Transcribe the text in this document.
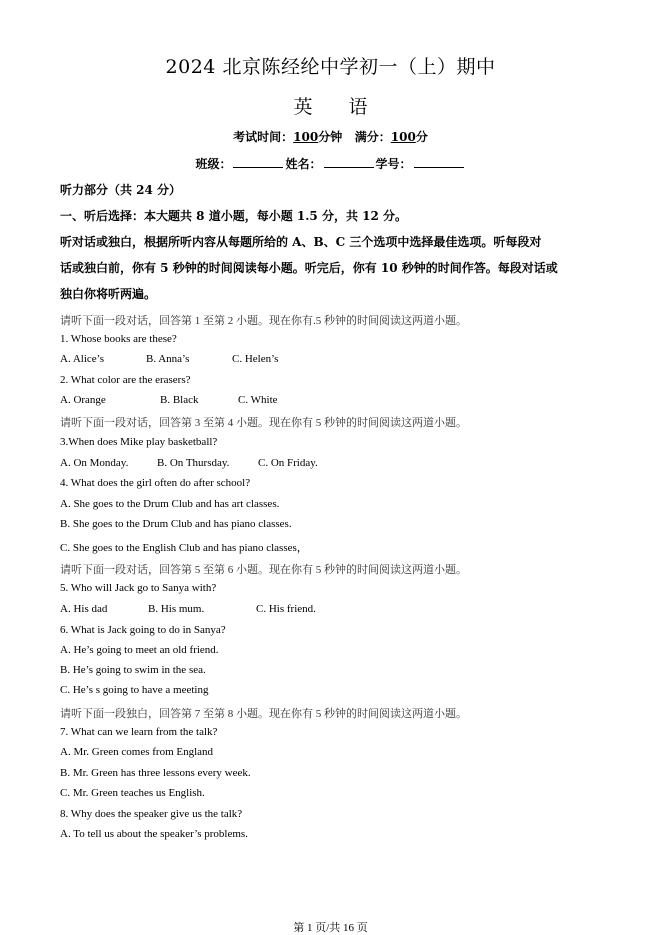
2024 北京陈经纶中学初一（上）期中
英语
考试时间：100分钟 满分：100分
班级：	姓名：	学号：
听力部分（共 24 分）
一、听后选择：本大题共 8 道小题，每小题 1.5 分，共 12 分。
听对话或独白，根据所听内容从每题所给的 A、B、C 三个选项中选择最佳选项。听每段对
话或独白前，你有 5 秒钟的时间阅读每小题。听完后，你有 10 秒钟的时间作答。每段对话或
独白你将听两遍。
请听下面一段对话，回答第 1 至第 2 小题。现在你有.5 秒钟的时间阅读这两道小题。
1. Whose books are these?
A. Alice’s	B. Anna’s	C. Helen’s
2. What color are the erasers?
A. Orange	B. Black	C. White
请听下面一段对话，回答第 3 至第 4 小题。现在你有 5 秒钟的时间阅读这两道小题。
3.When does Mike play basketball?
A. On Monday.	B. On Thursday.	C. On Friday.
4. What does the girl often do after school?
A. She goes to the Drum Club and has art classes.
B. She goes to the Drum Club and has piano classes.
C. She goes to the English Club and has piano classes，
请听下面一段对话，回答第 5 至第 6 小题。现在你有 5 秒钟的时间阅读这两道小题。
5. Who will Jack go to Sanya with?
A. His dad	B. His mum.	C. His friend.
6. What is Jack going to do in Sanya?
A. He’s going to meet an old friend.
B. He’s going to swim in the sea.
C. He’s s going to have a meeting
请听下面一段独白，回答第 7 至第 8 小题。现在你有 5 秒钟的时间阅读这两道小题。
7. What can we learn from the talk?
A. Mr. Green comes from England
B. Mr. Green has three lessons every week.
C. Mr. Green teaches us English.
8. Why does the speaker give us the talk?
A. To tell us about the speaker’s problems.
第 1 页/共 16 页
